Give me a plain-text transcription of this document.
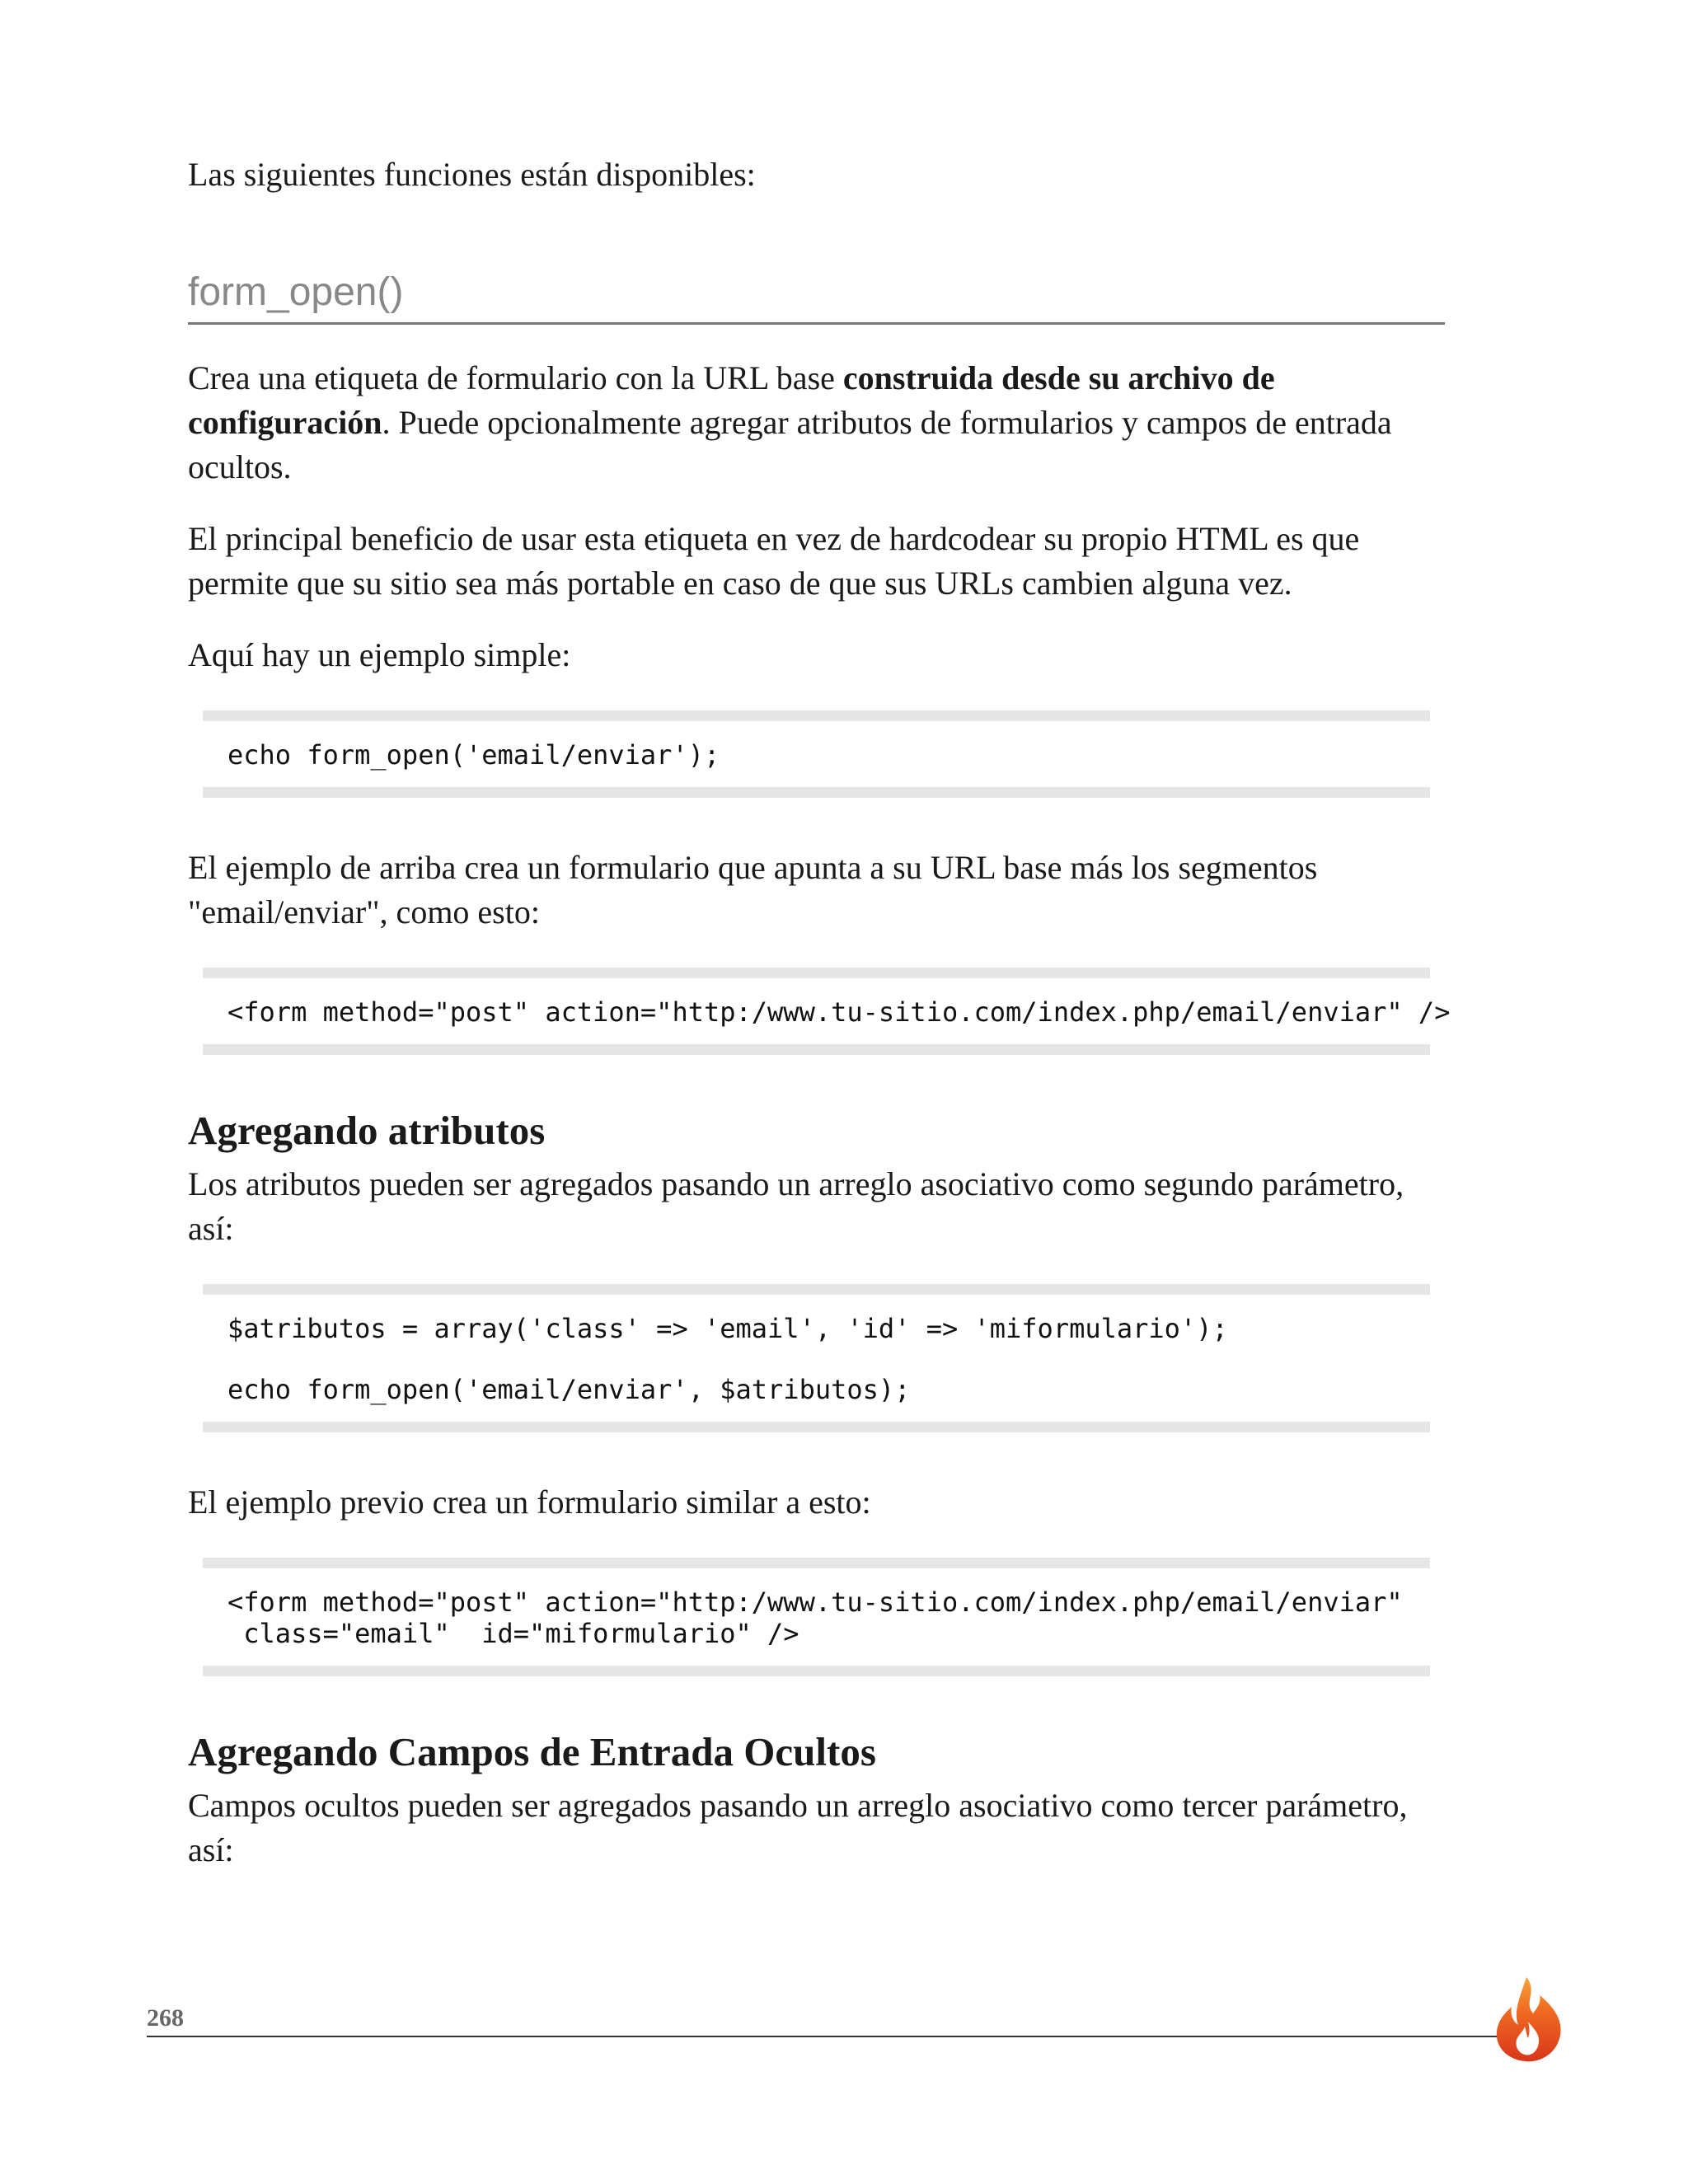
Las siguientes funciones están disponibles:

form_open()

Crea una etiqueta de formulario con la URL base construida desde su archivo de configuración. Puede opcionalmente agregar atributos de formularios y campos de entrada ocultos.

El principal beneficio de usar esta etiqueta en vez de hardcodear su propio HTML es que permite que su sitio sea más portable en caso de que sus URLs cambien alguna vez.

Aquí hay un ejemplo simple:

echo form_open('email/enviar');

El ejemplo de arriba crea un formulario que apunta a su URL base más los segmentos "email/enviar", como esto:

<form method="post" action="http:/www.tu-sitio.com/index.php/email/enviar" />
Agregando atributos

Los atributos pueden ser agregados pasando un arreglo asociativo como segundo parámetro, así:

$atributos = array('class' => 'email', 'id' => 'miformulario');
echo form_open('email/enviar', $atributos);

El ejemplo previo crea un formulario similar a esto:

<form method="post" action="http:/www.tu-sitio.com/index.php/email/enviar"
class="email"  id="miformulario" />
Agregando Campos de Entrada Ocultos

Campos ocultos pueden ser agregados pasando un arreglo asociativo como tercer parámetro, así:

268
